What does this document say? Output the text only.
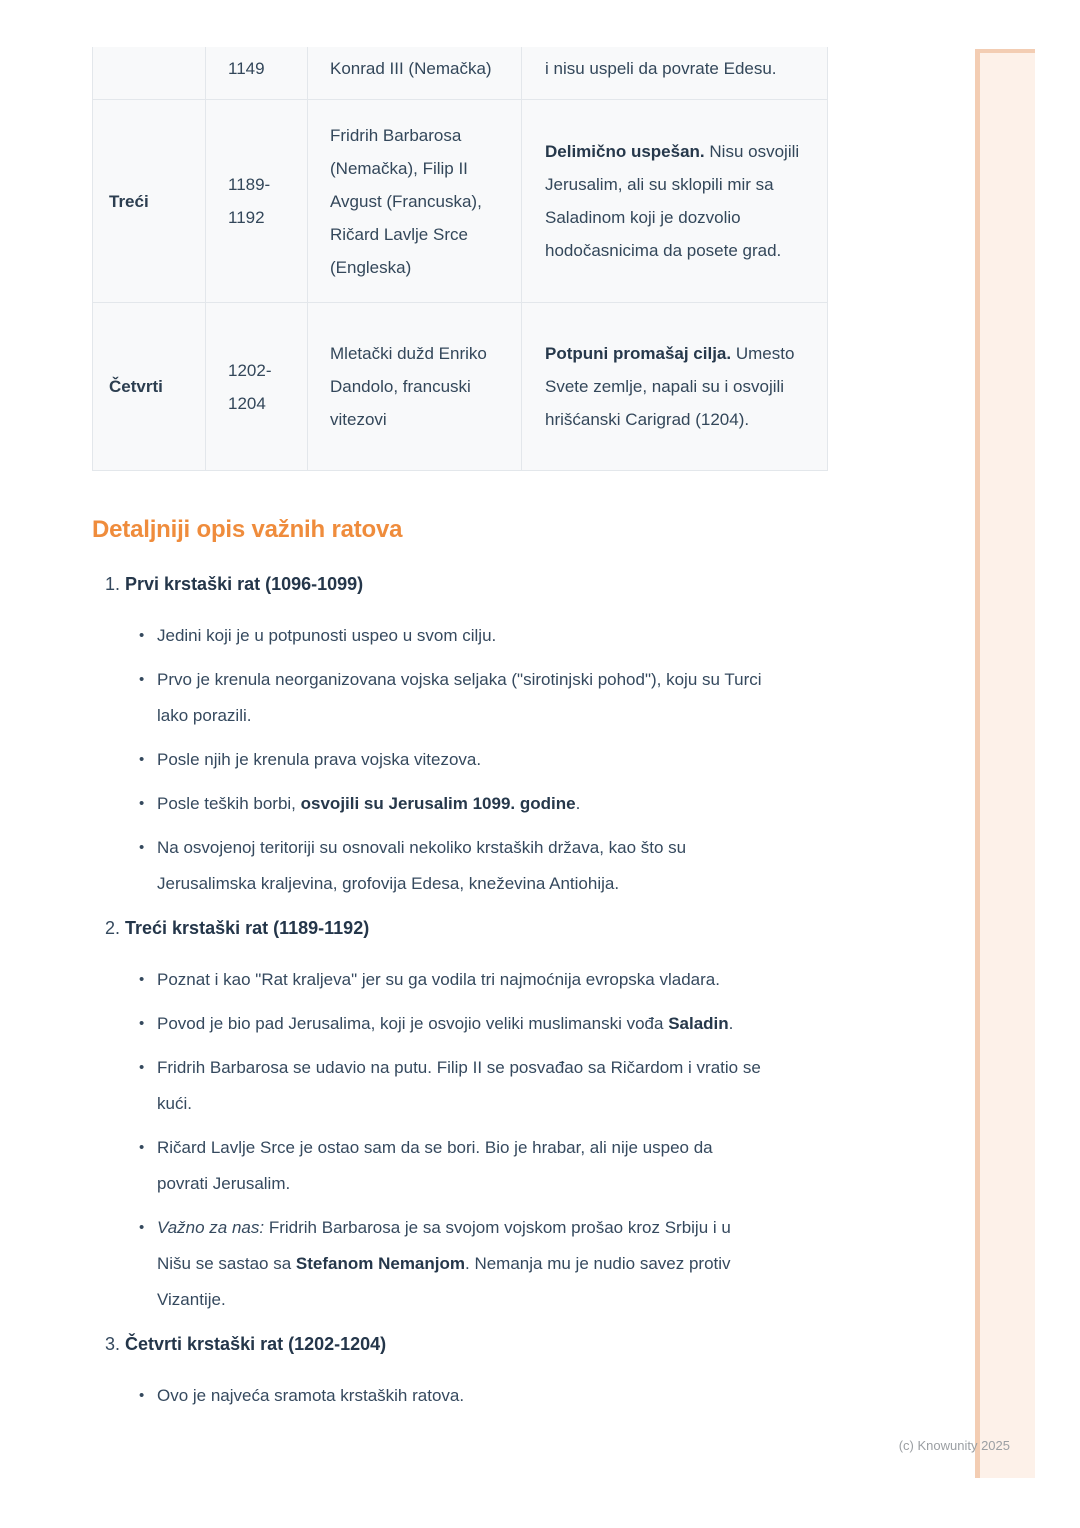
(c) Knowunity 2025
1149	Konrad III (Nemačka)	i nisu uspeli da povrate Edesu.
Treći
1189-1192
Fridrih Barbarosa (Nemačka), Filip II Avgust (Francuska), Ričard Lavlje Srce (Engleska)
Delimično uspešan. Nisu osvojili Jerusalim, ali su sklopili mir sa Saladinom koji je dozvolio hodočasnicima da posete grad.
Četvrti
1202-1204
Mletački dužd Enriko Dandolo, francuski vitezovi
Potpuni promašaj cilja. Umesto Svete zemlje, napali su i osvojili hrišćanski Carigrad (1204).
Detaljniji opis važnih ratova
1. Prvi krstaški rat (1096-1099)
• Jedini koji je u potpunosti uspeo u svom cilju.
• Prvo je krenula neorganizovana vojska seljaka ("sirotinjski pohod"), koju su Turci lako porazili.
• Posle njih je krenula prava vojska vitezova.
• Posle teških borbi, osvojili su Jerusalim 1099. godine.
• Na osvojenoj teritoriji su osnovali nekoliko krstaških država, kao što su Jerusalimska kraljevina, grofovija Edesa, kneževina Antiohija.
2. Treći krstaški rat (1189-1192)
• Poznat i kao "Rat kraljeva" jer su ga vodila tri najmoćnija evropska vladara.
• Povod je bio pad Jerusalima, koji je osvojio veliki muslimanski vođa Saladin.
• Fridrih Barbarosa se udavio na putu. Filip II se posvađao sa Ričardom i vratio se kući.
• Ričard Lavlje Srce je ostao sam da se bori. Bio je hrabar, ali nije uspeo da povrati Jerusalim.
• Važno za nas: Fridrih Barbarosa je sa svojom vojskom prošao kroz Srbiju i u Nišu se sastao sa Stefanom Nemanjom. Nemanja mu je nudio savez protiv Vizantije.
3. Četvrti krstaški rat (1202-1204)
• Ovo je najveća sramota krstaških ratova.
